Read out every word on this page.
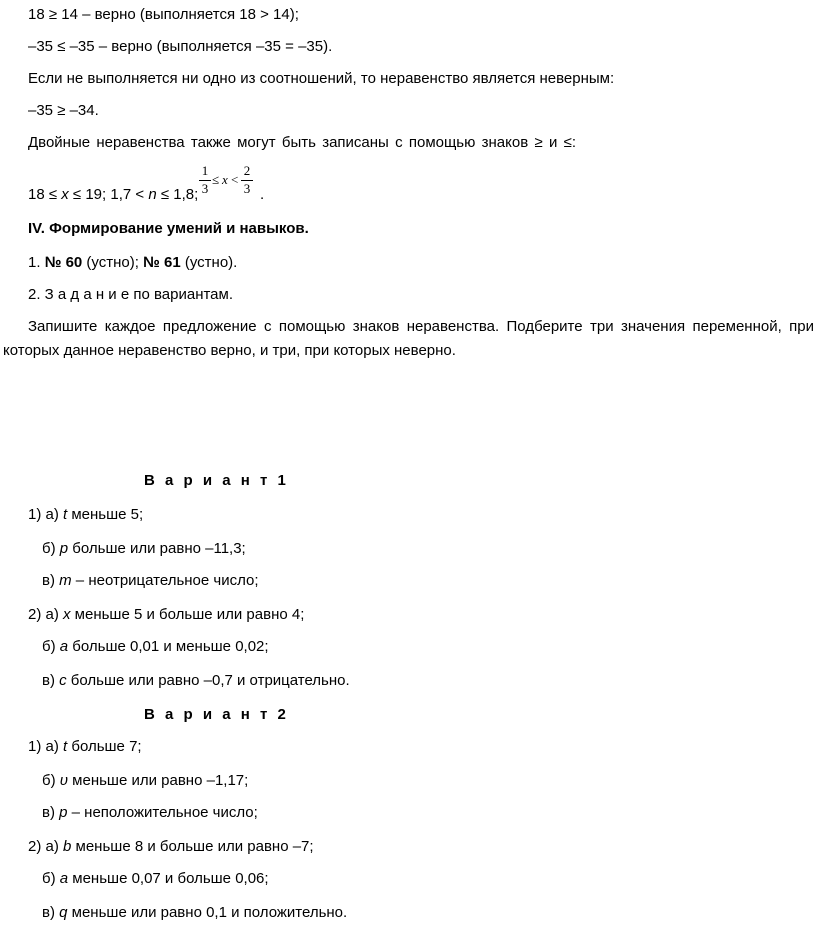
18 ≥ 14 – верно (выполняется 18 > 14);
–35 ≤ –35 – верно (выполняется –35 = –35).
Если не выполняется ни одно из соотношений, то неравенство является неверным:
–35 ≥ –34.
Двойные неравенства также могут быть записаны с помощью знаков ≥ и ≤:
18 ≤ x ≤ 19; 1,7 < n ≤ 1,8;
1
3
≤ x <
2
3 .
IV. Формирование умений и навыков.
1. № 60 (устно); № 61 (устно).
2. З а д а н и е по вариантам.
Запишите каждое предложение с помощью знаков неравенства. Подберите три значения переменной, при
которых данное неравенство верно, и три, при которых неверно.
В а р и а н т 1
1) а) t меньше 5;
б) p больше или равно –11,3;
в) m – неотрицательное число;
2) а) x меньше 5 и больше или равно 4;
б) a больше 0,01 и меньше 0,02;
в) c больше или равно –0,7 и отрицательно.
В а р и а н т 2
1) а) t больше 7;
б) υ меньше или равно –1,17;
в) p – неположительное число;
2) а) b меньше 8 и больше или равно –7;
б) a меньше 0,07 и больше 0,06;
в) q меньше или равно 0,1 и положительно.
